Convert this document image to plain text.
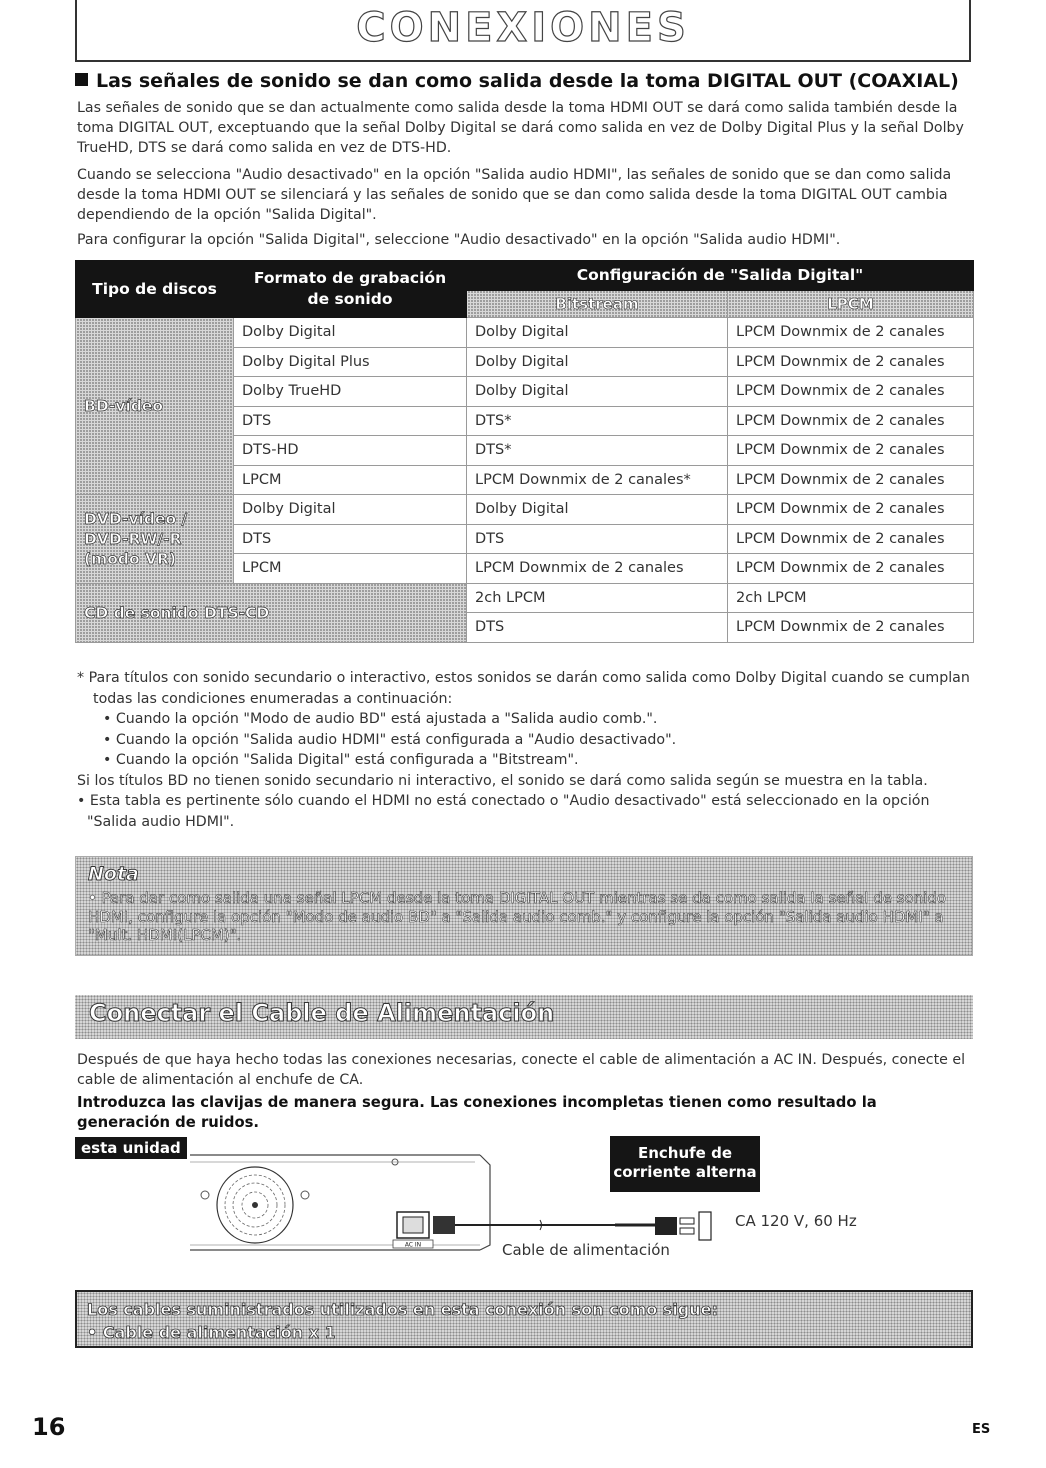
CONEXIONES
Las señales de sonido se dan como salida desde la toma DIGITAL OUT (COAXIAL)
Las señales de sonido que se dan actualmente como salida desde la toma HDMI OUT se dará como salida también desde la toma DIGITAL OUT, exceptuando que la señal Dolby Digital se dará como salida en vez de Dolby Digital Plus y la señal Dolby TrueHD, DTS se dará como salida en vez de DTS-HD.
Cuando se selecciona "Audio desactivado" en la opción "Salida audio HDMI", las señales de sonido que se dan como salida desde la toma HDMI OUT se silenciará y las señales de sonido que se dan como salida desde la toma DIGITAL OUT cambia dependiendo de la opción "Salida Digital".
Para configurar la opción "Salida Digital", seleccione "Audio desactivado" en la opción "Salida audio HDMI".
Tipo de discos	Formato de grabación de sonido	Configuración de "Salida Digital"	
		Bitstream	LPCM
BD-vídeo	Dolby Digital	Dolby Digital	LPCM Downmix de 2 canales
	Dolby Digital Plus	Dolby Digital	LPCM Downmix de 2 canales
	Dolby TrueHD	Dolby Digital	LPCM Downmix de 2 canales
	DTS	DTS*	LPCM Downmix de 2 canales
	DTS-HD	DTS*	LPCM Downmix de 2 canales
	LPCM	LPCM Downmix de 2 canales*	LPCM Downmix de 2 canales
DVD-vídeo / DVD-RW/-R (modo VR)	Dolby Digital	Dolby Digital	LPCM Downmix de 2 canales
	DTS	DTS	LPCM Downmix de 2 canales
	LPCM	LPCM Downmix de 2 canales	LPCM Downmix de 2 canales
CD de sonido DTS-CD		2ch LPCM	2ch LPCM
		DTS	LPCM Downmix de 2 canales
* Para títulos con sonido secundario o interactivo, estos sonidos se darán como salida como Dolby Digital cuando se cumplan todas las condiciones enumeradas a continuación:
• Cuando la opción "Modo de audio BD" está ajustada a "Salida audio comb.".
• Cuando la opción "Salida audio HDMI" está configurada a "Audio desactivado".
• Cuando la opción "Salida Digital" está configurada a "Bitstream".
Si los títulos BD no tienen sonido secundario ni interactivo, el sonido se dará como salida según se muestra en la tabla.
• Esta tabla es pertinente sólo cuando el HDMI no está conectado o "Audio desactivado" está seleccionado en la opción "Salida audio HDMI".
Nota
• Para dar como salida una señal LPCM desde la toma DIGITAL OUT mientras se da como salida la señal de sonido HDMI, configure la opción "Modo de audio BD" a "Salida audio comb." y configure la opción "Salida audio HDMI" a "Mult. HDMI(LPCM)".
Conectar el Cable de Alimentación
Después de que haya hecho todas las conexiones necesarias, conecte el cable de alimentación a AC IN. Después, conecte el cable de alimentación al enchufe de CA.
Introduzca las clavijas de manera segura. Las conexiones incompletas tienen como resultado la generación de ruidos.
AC IN
esta unidad	Enchufe de
corriente alterna
CA 120 V, 60 Hz
Cable de alimentación
Los cables suministrados utilizados en esta conexión son como sigue:
• Cable de alimentación x 1
16	ES
